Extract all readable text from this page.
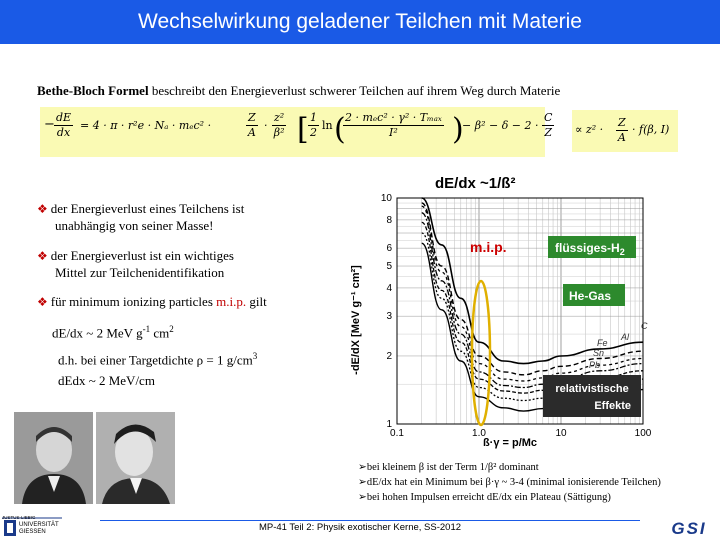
Wechselwirkung geladener Teilchen mit Materie
Bethe-Bloch Formel beschreibt den Energieverlust schwerer Teilchen auf ihrem Weg durch Materie
− dE
dx
= 4 · π · r²e · Nₐ · mₑc² ·
Z
A
·
z²
β² [ 1
2
ln ( 2 · mₑc² · γ² · Tₘₐₓ
I² )
− β² − δ − 2 ·
C
Z ∝ z² ·
Z
A
· f(β, I)
❖ der Energieverlust eines Teilchens ist
unabhängig von seiner Masse!
❖ der Energieverlust ist ein wichtiges
Mittel zur Teilchenidentifikation
❖ für minimum ionizing particles m.i.p. gilt
dE/dx ~ 2 MeV $g^{-1}$ $cm^2$
d.h. bei einer Targetdichte ρ = 1 $g/cm^3$
dEdx ~ 2 MeV/cm
dE/dx ~1/ß²
-dE/dX [MeV g⁻¹ cm²]
ß·γ = p/Mc
0.1	1.0	10	100
1
2
3
4
5
6
8
10
m.i.p.	flüssiges-$H_2$
He-Gas
relativistische
Effekte
C
Al
Fe
Sn
Pb
➢bei kleinem β ist der Term 1/β² dominant
➢dE/dx hat ein Minimum bei β·γ ~ 3-4 (minimal ionisierende Teilchen)
➢bei hohen Impulsen erreicht dE/dx ein Plateau (Sättigung)
MP-41 Teil 2: Physik exotischer Kerne, SS-2012
JUSTUS-LIEBIG
UNIVERSITÄT
GIESSEN	GSI
